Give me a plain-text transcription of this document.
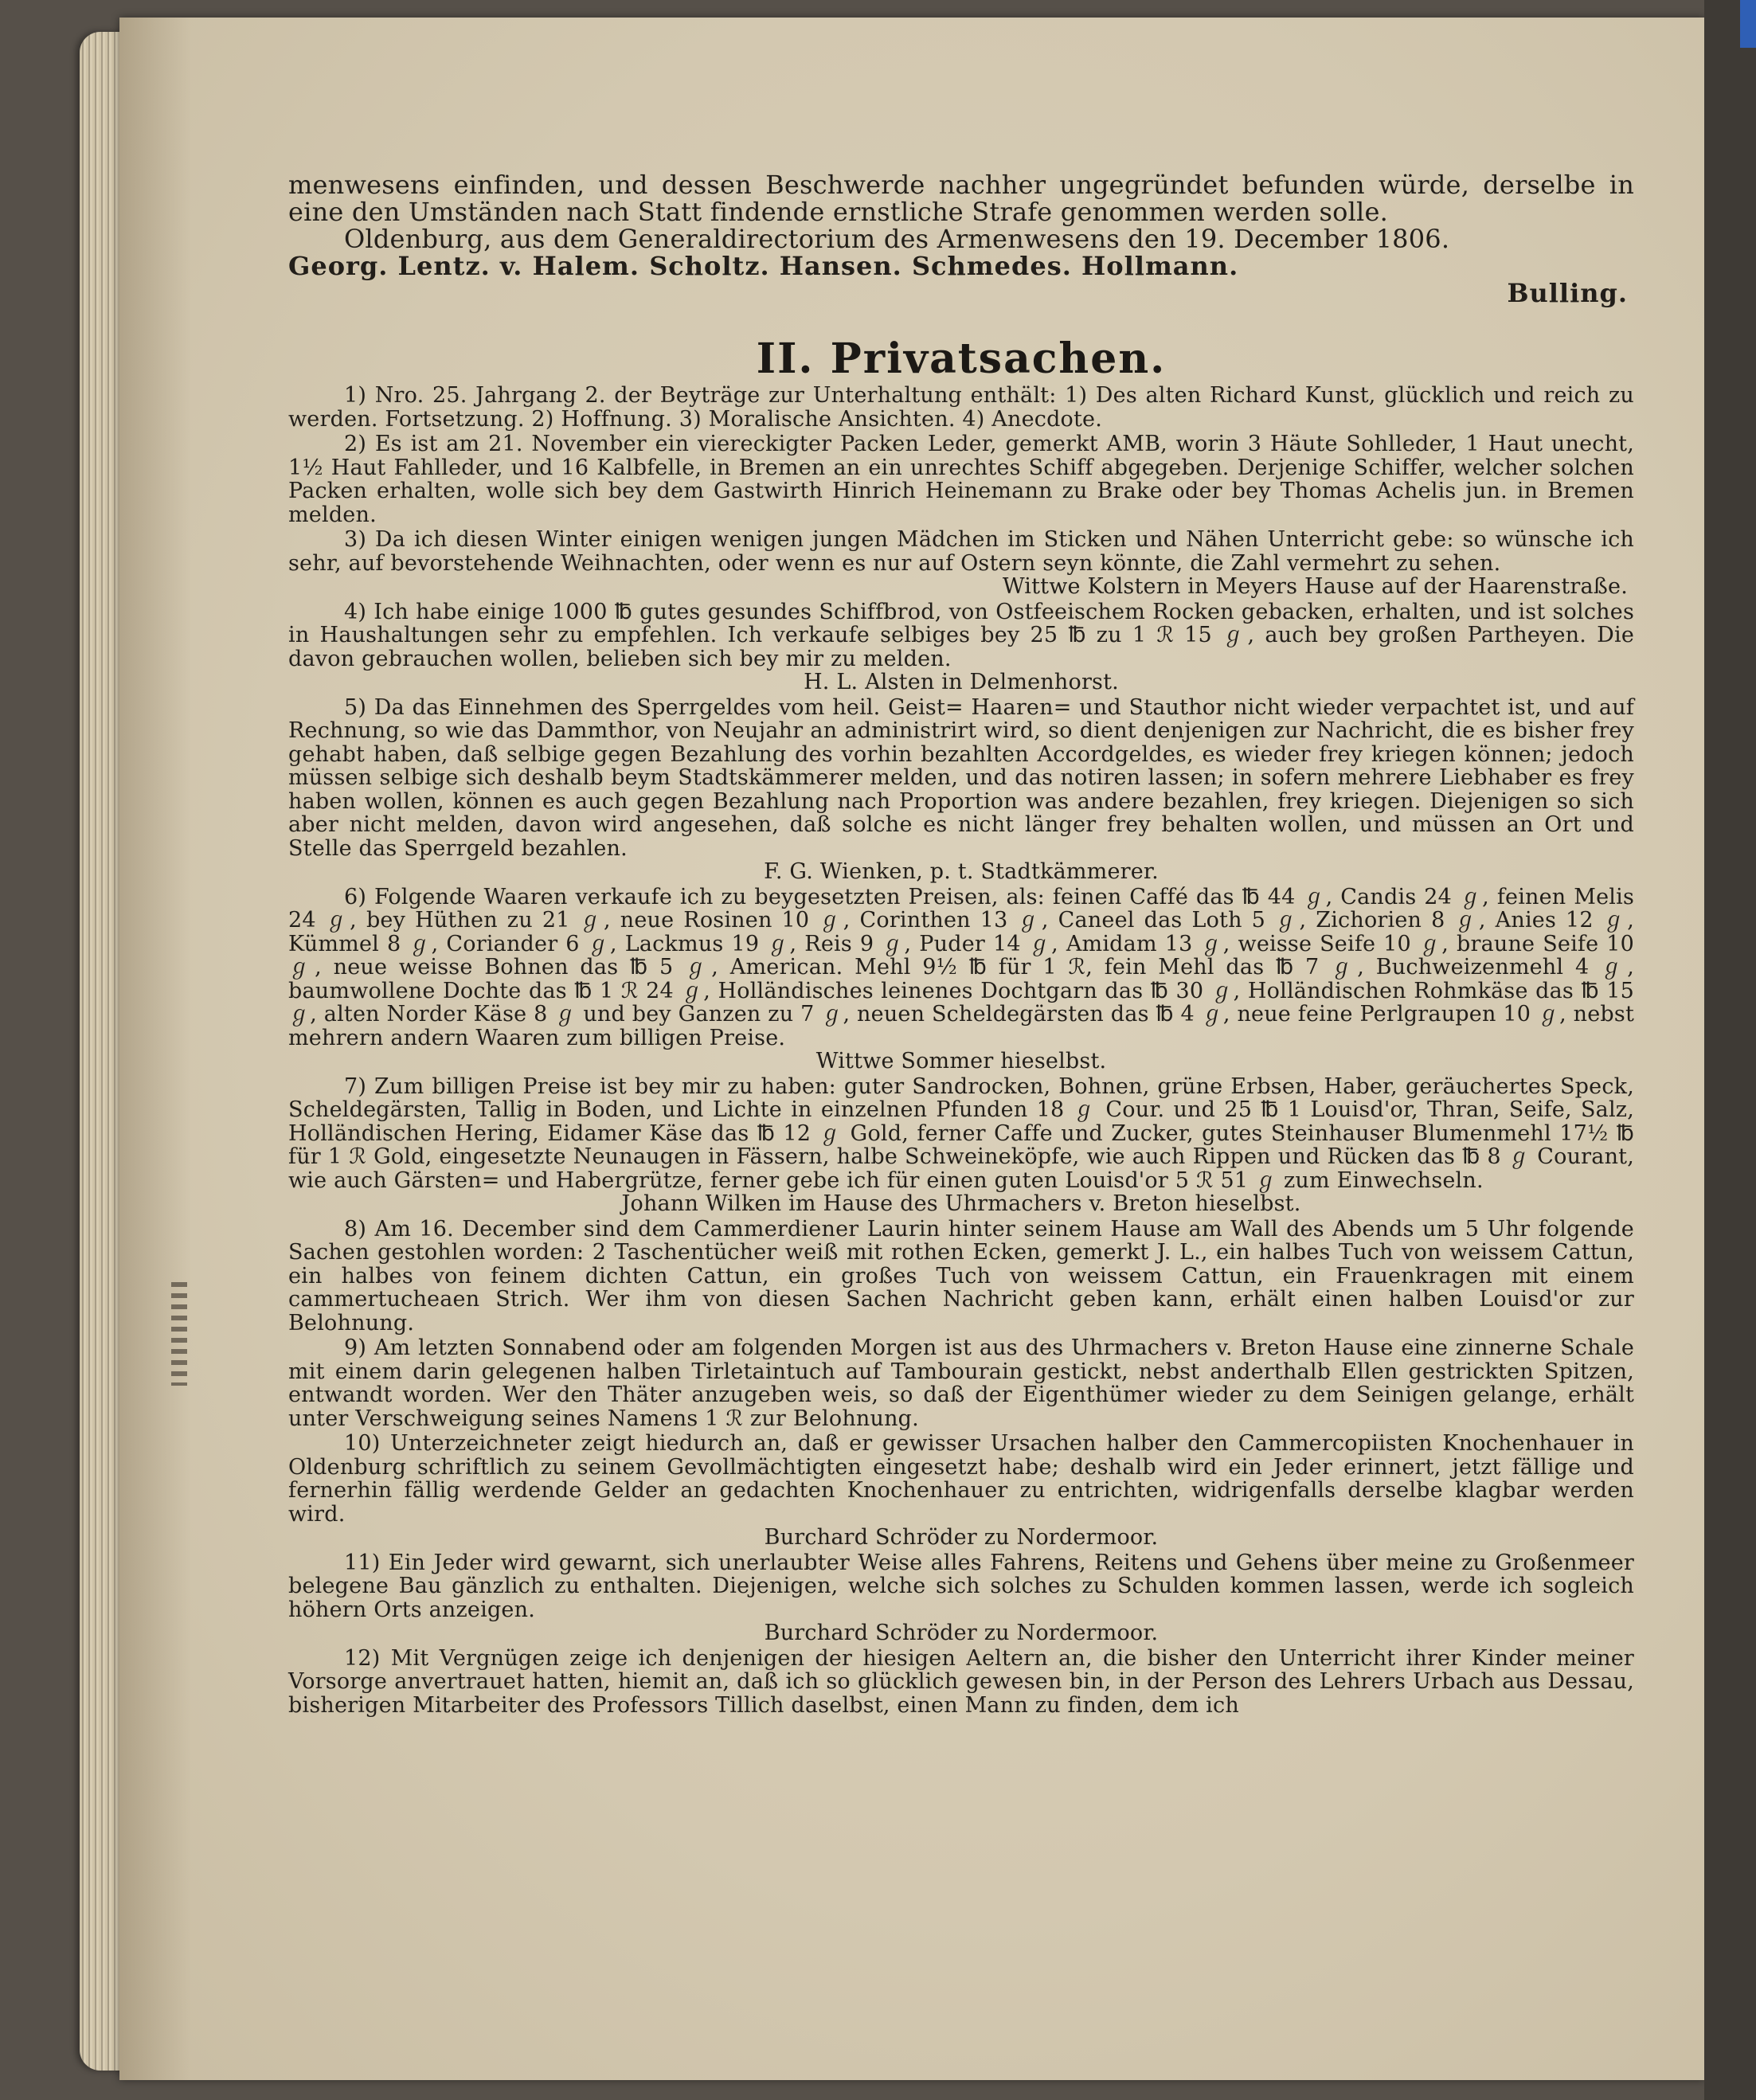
menwesens einfinden, und dessen Beschwerde nachher ungegründet befunden würde, derselbe in eine den Umständen nach Statt findende ernstliche Strafe genommen werden solle.

Oldenburg, aus dem Generaldirectorium des Armenwesens den 19. December 1806.

Georg. Lentz. v. Halem. Scholtz. Hansen. Schmedes. Hollmann.

Bulling.

II. Privatsachen.

1) Nro. 25. Jahrgang 2. der Beyträge zur Unterhaltung enthält: 1) Des alten Richard Kunst, glücklich und reich zu werden. Fortsetzung. 2) Hoffnung. 3) Moralische Ansichten. 4) Anecdote.

2) Es ist am 21. November ein viereckigter Packen Leder, gemerkt AMB, worin 3 Häute Sohlleder, 1 Haut unecht, 1½ Haut Fahlleder, und 16 Kalbfelle, in Bremen an ein unrechtes Schiff abgegeben. Derjenige Schiffer, welcher solchen Packen erhalten, wolle sich bey dem Gastwirth Hinrich Heinemann zu Brake oder bey Thomas Achelis jun. in Bremen melden.

3) Da ich diesen Winter einigen wenigen jungen Mädchen im Sticken und Nähen Unterricht gebe: so wünsche ich sehr, auf bevorstehende Weihnachten, oder wenn es nur auf Ostern seyn könnte, die Zahl vermehrt zu sehen.

Wittwe Kolstern in Meyers Hause auf der Haarenstraße.

4) Ich habe einige 1000 ℔ gutes gesundes Schiffbrod, von Ostfeeischem Rocken gebacken, erhalten, und ist solches in Haushaltungen sehr zu empfehlen. Ich verkaufe selbiges bey 25 ℔ zu 1 ℛ 15 ℊ, auch bey großen Partheyen. Die davon gebrauchen wollen, belieben sich bey mir zu melden.

H. L. Alsten in Delmenhorst.

5) Da das Einnehmen des Sperrgeldes vom heil. Geist= Haaren= und Stauthor nicht wieder verpachtet ist, und auf Rechnung, so wie das Dammthor, von Neujahr an administrirt wird, so dient denjenigen zur Nachricht, die es bisher frey gehabt haben, daß selbige gegen Bezahlung des vorhin bezahlten Accordgeldes, es wieder frey kriegen können; jedoch müssen selbige sich deshalb beym Stadtskämmerer melden, und das notiren lassen; in sofern mehrere Liebhaber es frey haben wollen, können es auch gegen Bezahlung nach Proportion was andere bezahlen, frey kriegen. Diejenigen so sich aber nicht melden, davon wird angesehen, daß solche es nicht länger frey behalten wollen, und müssen an Ort und Stelle das Sperrgeld bezahlen.

F. G. Wienken, p. t. Stadtkämmerer.

6) Folgende Waaren verkaufe ich zu beygesetzten Preisen, als: feinen Caffé das ℔ 44 ℊ, Candis 24 ℊ, feinen Melis 24 ℊ, bey Hüthen zu 21 ℊ, neue Rosinen 10 ℊ, Corinthen 13 ℊ, Caneel das Loth 5 ℊ, Zichorien 8 ℊ, Anies 12 ℊ, Kümmel 8 ℊ, Coriander 6 ℊ, Lackmus 19 ℊ, Reis 9 ℊ, Puder 14 ℊ, Amidam 13 ℊ, weisse Seife 10 ℊ, braune Seife 10 ℊ, neue weisse Bohnen das ℔ 5 ℊ, American. Mehl 9½ ℔ für 1 ℛ, fein Mehl das ℔ 7 ℊ, Buchweizenmehl 4 ℊ, baumwollene Dochte das ℔ 1 ℛ 24 ℊ, Holländisches leinenes Dochtgarn das ℔ 30 ℊ, Holländischen Rohmkäse das ℔ 15 ℊ, alten Norder Käse 8 ℊ und bey Ganzen zu 7 ℊ, neuen Scheldegärsten das ℔ 4 ℊ, neue feine Perlgraupen 10 ℊ, nebst mehrern andern Waaren zum billigen Preise.

Wittwe Sommer hieselbst.

7) Zum billigen Preise ist bey mir zu haben: guter Sandrocken, Bohnen, grüne Erbsen, Haber, geräuchertes Speck, Scheldegärsten, Tallig in Boden, und Lichte in einzelnen Pfunden 18 ℊ Cour. und 25 ℔ 1 Louisd'or, Thran, Seife, Salz, Holländischen Hering, Eidamer Käse das ℔ 12 ℊ Gold, ferner Caffe und Zucker, gutes Steinhauser Blumenmehl 17½ ℔ für 1 ℛ Gold, eingesetzte Neunaugen in Fässern, halbe Schweineköpfe, wie auch Rippen und Rücken das ℔ 8 ℊ Courant, wie auch Gärsten= und Habergrütze, ferner gebe ich für einen guten Louisd'or 5 ℛ 51 ℊ zum Einwechseln.

Johann Wilken im Hause des Uhrmachers v. Breton hieselbst.

8) Am 16. December sind dem Cammerdiener Laurin hinter seinem Hause am Wall des Abends um 5 Uhr folgende Sachen gestohlen worden: 2 Taschentücher weiß mit rothen Ecken, gemerkt J. L., ein halbes Tuch von weissem Cattun, ein halbes von feinem dichten Cattun, ein großes Tuch von weissem Cattun, ein Frauenkragen mit einem cammertucheaen Strich. Wer ihm von diesen Sachen Nachricht geben kann, erhält einen halben Louisd'or zur Belohnung.

9) Am letzten Sonnabend oder am folgenden Morgen ist aus des Uhrmachers v. Breton Hause eine zinnerne Schale mit einem darin gelegenen halben Tirletaintuch auf Tambourain gestickt, nebst anderthalb Ellen gestrickten Spitzen, entwandt worden. Wer den Thäter anzugeben weis, so daß der Eigenthümer wieder zu dem Seinigen gelange, erhält unter Verschweigung seines Namens 1 ℛ zur Belohnung.

10) Unterzeichneter zeigt hiedurch an, daß er gewisser Ursachen halber den Cammercopiisten Knochenhauer in Oldenburg schriftlich zu seinem Gevollmächtigten eingesetzt habe; deshalb wird ein Jeder erinnert, jetzt fällige und fernerhin fällig werdende Gelder an gedachten Knochenhauer zu entrichten, widrigenfalls derselbe klagbar werden wird.

Burchard Schröder zu Nordermoor.

11) Ein Jeder wird gewarnt, sich unerlaubter Weise alles Fahrens, Reitens und Gehens über meine zu Großenmeer belegene Bau gänzlich zu enthalten. Diejenigen, welche sich solches zu Schulden kommen lassen, werde ich sogleich höhern Orts anzeigen.

Burchard Schröder zu Nordermoor.

12) Mit Vergnügen zeige ich denjenigen der hiesigen Aeltern an, die bisher den Unterricht ihrer Kinder meiner Vorsorge anvertrauet hatten, hiemit an, daß ich so glücklich gewesen bin, in der Person des Lehrers Urbach aus Dessau, bisherigen Mitarbeiter des Professors Tillich daselbst, einen Mann zu finden, dem ich
